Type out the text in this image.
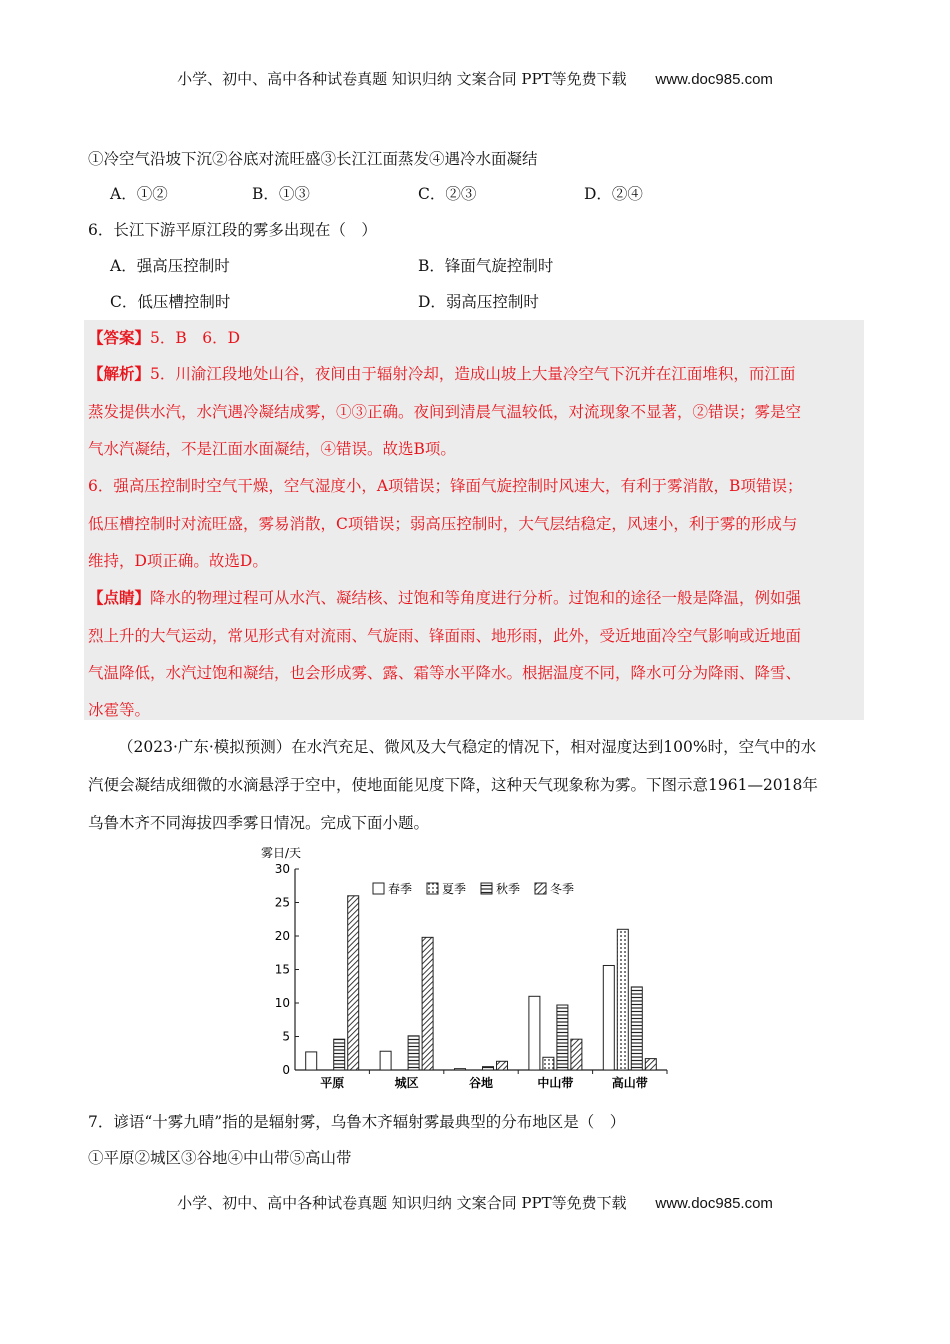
小学、初中、高中各种试卷真题 知识归纳 文案合同 PPT等免费下载 www.doc985.com
①冷空气沿坡下沉②谷底对流旺盛③长江江面蒸发④遇冷水面凝结
A．①②	B．①③	C．②③	D．②④
6．长江下游平原江段的雾多出现在（　）
A．强高压控制时	B．锋面气旋控制时
C．低压槽控制时	D．弱高压控制时
【答案】5．B　6．D
【解析】5．川渝江段地处山谷，夜间由于辐射冷却，造成山坡上大量冷空气下沉并在江面堆积，而江面
蒸发提供水汽，水汽遇冷凝结成雾，①③正确。夜间到清晨气温较低，对流现象不显著，②错误；雾是空
气水汽凝结，不是江面水面凝结，④错误。故选B项。
6．强高压控制时空气干燥，空气湿度小，A项错误；锋面气旋控制时风速大，有利于雾消散，B项错误；
低压槽控制时对流旺盛，雾易消散，C项错误；弱高压控制时，大气层结稳定，风速小，利于雾的形成与
维持，D项正确。故选D。
【点睛】降水的物理过程可从水汽、凝结核、过饱和等角度进行分析。过饱和的途径一般是降温，例如强
烈上升的大气运动，常见形式有对流雨、气旋雨、锋面雨、地形雨，此外，受近地面冷空气影响或近地面
气温降低，水汽过饱和凝结，也会形成雾、露、霜等水平降水。根据温度不同，降水可分为降雨、降雪、
冰雹等。
（2023·广东·模拟预测）在水汽充足、微风及大气稳定的情况下，相对湿度达到100%时，空气中的水
汽便会凝结成细微的水滴悬浮于空中，使地面能见度下降，这种天气现象称为雾。下图示意1961—2018年
乌鲁木齐不同海拔四季雾日情况。完成下面小题。
0
5
10
15
20
25
30
雾日/天
平原	城区	谷地	中山带	高山带
春季 夏季 秋季 冬季
7．谚语“十雾九晴”指的是辐射雾，乌鲁木齐辐射雾最典型的分布地区是（　）
①平原②城区③谷地④中山带⑤高山带
小学、初中、高中各种试卷真题 知识归纳 文案合同 PPT等免费下载 www.doc985.com
